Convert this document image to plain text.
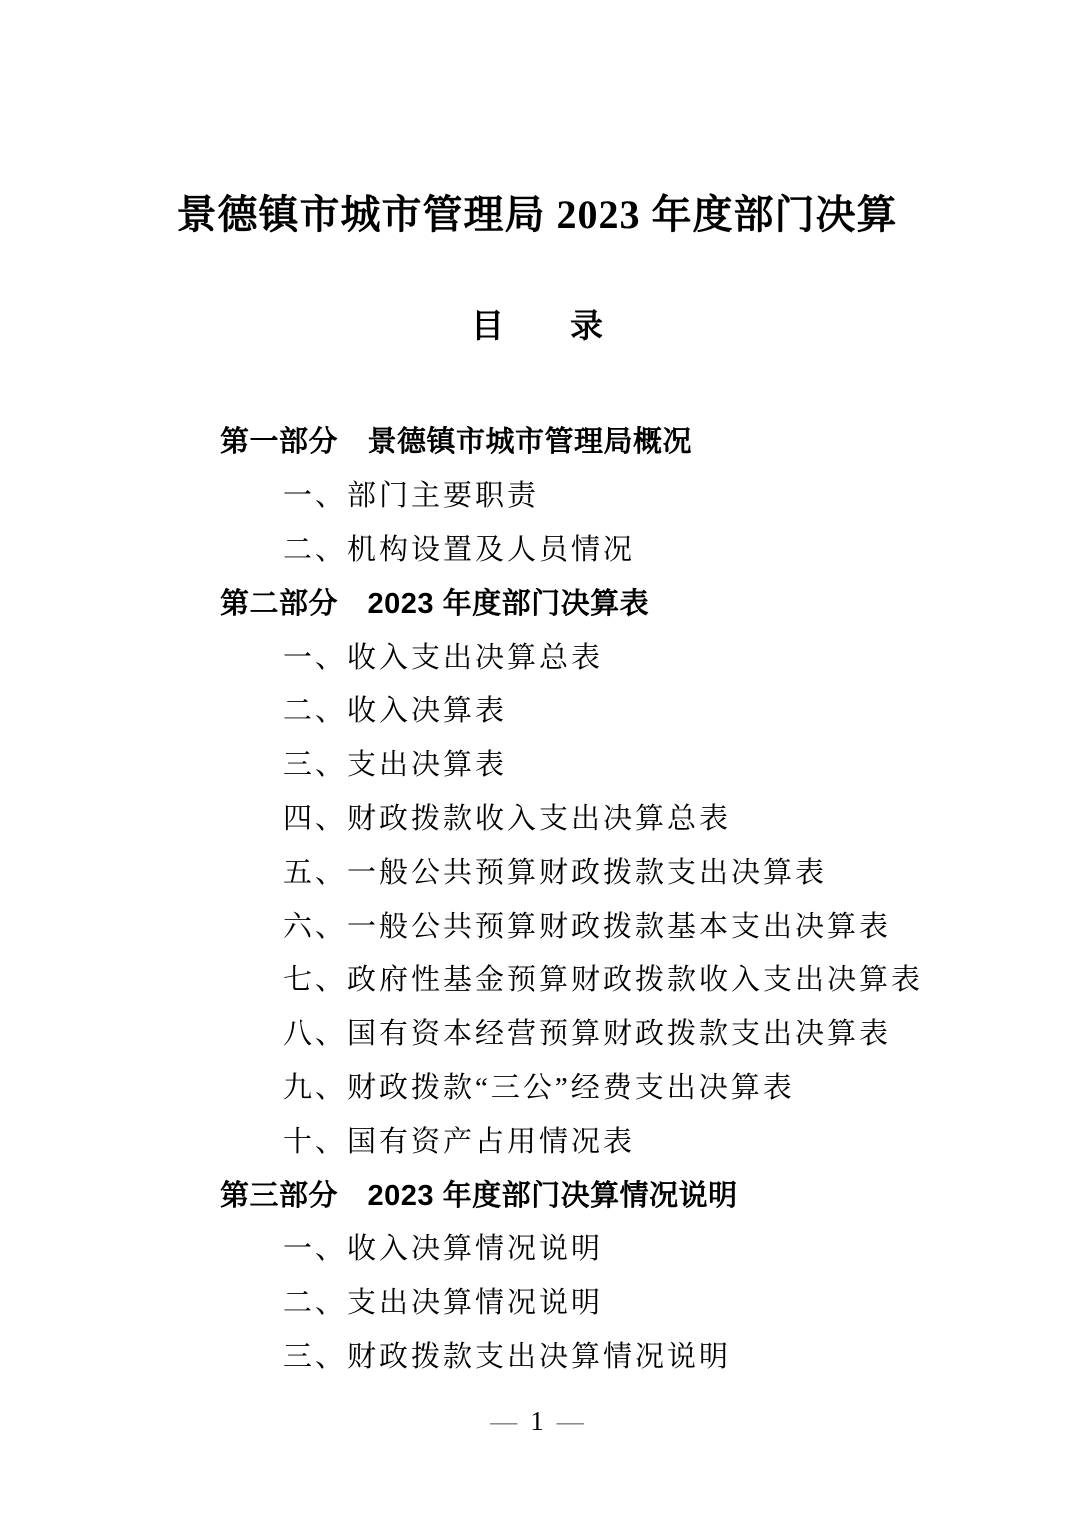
景德镇市城市管理局 2023 年度部门决算
目　　录
第一部分　景德镇市城市管理局概况
一、部门主要职责
二、机构设置及人员情况
第二部分　2023 年度部门决算表
一、收入支出决算总表
二、收入决算表
三、支出决算表
四、财政拨款收入支出决算总表
五、一般公共预算财政拨款支出决算表
六、一般公共预算财政拨款基本支出决算表
七、政府性基金预算财政拨款收入支出决算表
八、国有资本经营预算财政拨款支出决算表
九、财政拨款“三公”经费支出决算表
十、国有资产占用情况表
第三部分　2023 年度部门决算情况说明
一、收入决算情况说明
二、支出决算情况说明
三、财政拨款支出决算情况说明
— 1 —
